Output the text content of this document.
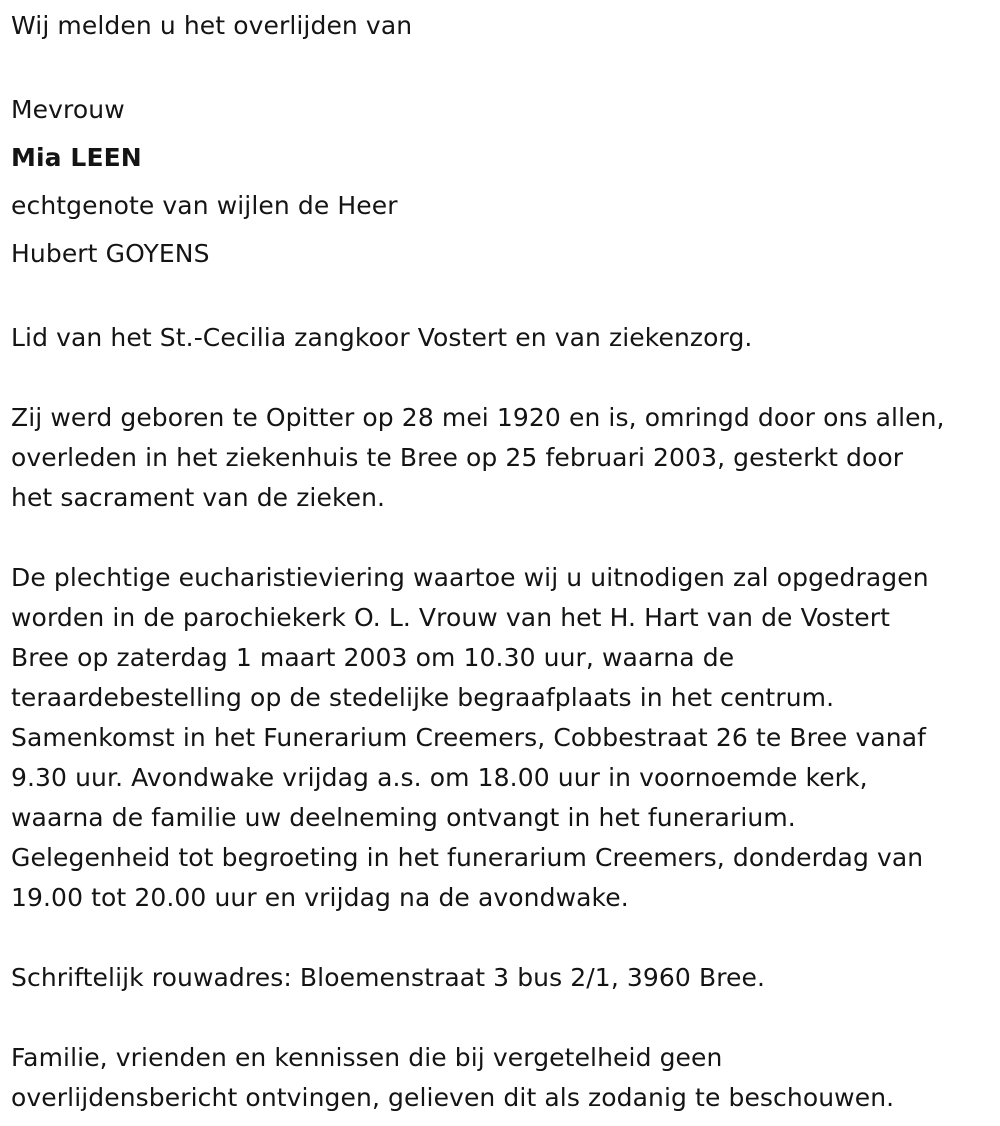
Wij melden u het overlijden van
Mevrouw
Mia LEEN
echtgenote van wijlen de Heer
Hubert GOYENS
Lid van het St.-Cecilia zangkoor Vostert en van ziekenzorg.
Zij werd geboren te Opitter op 28 mei 1920 en is, omringd door ons allen,
overleden in het ziekenhuis te Bree op 25 februari 2003, gesterkt door
het sacrament van de zieken.
De plechtige eucharistieviering waartoe wij u uitnodigen zal opgedragen
worden in de parochiekerk O. L. Vrouw van het H. Hart van de Vostert
Bree op zaterdag 1 maart 2003 om 10.30 uur, waarna de
teraardebestelling op de stedelijke begraafplaats in het centrum.
Samenkomst in het Funerarium Creemers, Cobbestraat 26 te Bree vanaf
9.30 uur. Avondwake vrijdag a.s. om 18.00 uur in voornoemde kerk,
waarna de familie uw deelneming ontvangt in het funerarium.
Gelegenheid tot begroeting in het funerarium Creemers, donderdag van
19.00 tot 20.00 uur en vrijdag na de avondwake.
Schriftelijk rouwadres: Bloemenstraat 3 bus 2/1, 3960 Bree.
Familie, vrienden en kennissen die bij vergetelheid geen
overlijdensbericht ontvingen, gelieven dit als zodanig te beschouwen.
